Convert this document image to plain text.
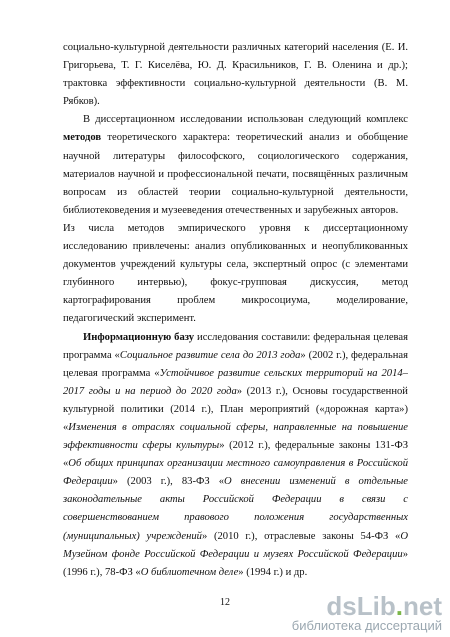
социально-культурной деятельности различных категорий населения (Е. И. Григорьева, Т. Г. Киселёва, Ю. Д. Красильников, Г. В. Оленина и др.); трактовка эффективности социально-культурной деятельности (В. М. Рябков).

В диссертационном исследовании использован следующий комплекс методов теоретического характера: теоретический анализ и обобщение научной литературы философского, социологического содержания, материалов научной и профессиональной печати, посвящённых различным вопросам из областей теории социально-культурной деятельности, библиотековедения и музееведения отечественных и зарубежных авторов.

Из числа методов эмпирического уровня к диссертационному исследованию привлечены: анализ опубликованных и неопубликованных документов учреждений культуры села, экспертный опрос (с элементами глубинного интервью), фокус-групповая дискуссия, метод картографирования проблем микросоциума, моделирование, педагогический эксперимент.

Информационную базу исследования составили: федеральная целевая программа «Социальное развитие села до 2013 года» (2002 г.), федеральная целевая программа «Устойчивое развитие сельских территорий на 2014–2017 годы и на период до 2020 года» (2013 г.), Основы государственной культурной политики (2014 г.), План мероприятий («дорожная карта») «Изменения в отраслях социальной сферы, направленные на повышение эффективности сферы культуры» (2012 г.), федеральные законы 131-ФЗ «Об общих принципах организации местного самоуправления в Российской Федерации» (2003 г.), 83-ФЗ «О внесении изменений в отдельные законодательные акты Российской Федерации в связи с совершенствованием правового положения государственных (муниципальных) учреждений» (2010 г.), отраслевые законы 54-ФЗ «О Музейном фонде Российской Федерации и музеях Российской Федерации» (1996 г.), 78-ФЗ «О библиотечном деле» (1994 г.) и др.

12	dsLib.net
библиотека диссертаций
